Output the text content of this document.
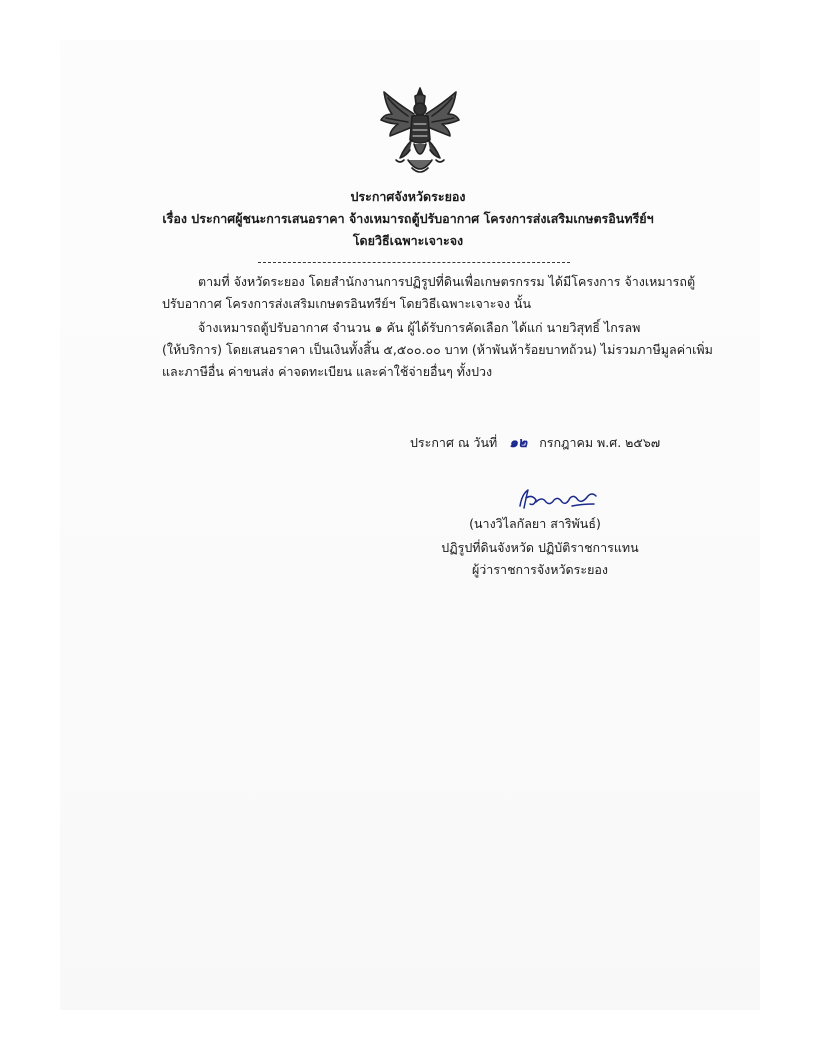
ประกาศจังหวัดระยอง
เรื่อง ประกาศผู้ชนะการเสนอราคา จ้างเหมารถตู้ปรับอากาศ โครงการส่งเสริมเกษตรอินทรีย์ฯ
โดยวิธีเฉพาะเจาะจง
ตามที่ จังหวัดระยอง โดยสำนักงานการปฏิรูปที่ดินเพื่อเกษตรกรรม ได้มีโครงการ จ้างเหมารถตู้
ปรับอากาศ โครงการส่งเสริมเกษตรอินทรีย์ฯ โดยวิธีเฉพาะเจาะจง นั้น
จ้างเหมารถตู้ปรับอากาศ จำนวน ๑ คัน ผู้ได้รับการคัดเลือก ได้แก่ นายวิสุทธิ์ ไกรลพ
(ให้บริการ) โดยเสนอราคา เป็นเงินทั้งสิ้น ๕,๕๐๐.๐๐ บาท (ห้าพันห้าร้อยบาทถ้วน) ไม่รวมภาษีมูลค่าเพิ่ม
และภาษีอื่น ค่าขนส่ง ค่าจดทะเบียน และค่าใช้จ่ายอื่นๆ ทั้งปวง
ประกาศ ณ วันที่ ๑๒ กรกฎาคม พ.ศ. ๒๕๖๗
(นางวิไลกัลยา สาริพันธ์)
ปฏิรูปที่ดินจังหวัด ปฏิบัติราชการแทน
ผู้ว่าราชการจังหวัดระยอง
